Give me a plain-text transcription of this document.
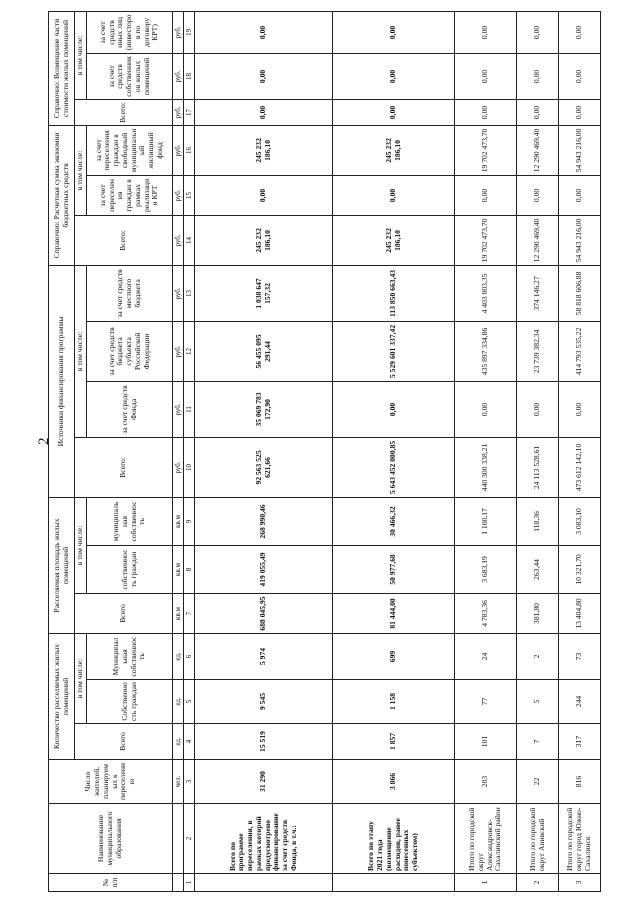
2
№ п/п	Наименование муниципального образования	Число жителей, планируемых к переселению	Количество расселяемых жилых помещений			Расселяемая площадь жилых помещений			Источники финансирования программы				Справочно: Расчетная сумма экономии бюджетных средств			Справочно: Возмещение части стоимости жилых помещений		
			Всего	в том числе:		Всего	в том числе:		Всего:	в том числе:			Всего:	в том числе:		Всего:	в том числе:	
				Собственность граждан	Муниципальная собственность		собственность граждан	муниципальная собственность		за счет средств Фонда	за счет средств бюджета субъекта Российской Федерации	за счет средств местного бюджета		за счет переселения граждан в рамках реализации КРТ	за счет переселения граждан в свободный муниципальный жилищный фонд		за счет средств собственников жилых помещений	за счет средств иных лиц (инвесторов по договору КРТ)
		чел.	ед.	ед.	ед.	кв.м	кв.м	кв.м	руб.	руб.	руб.	руб.	руб.	руб.	руб.	руб.	руб.	руб.
1	2	3	4	5	6	7	8	9	10	11	12	13	14	15	16	17	18	19
	Всего по программе переселения, в рамках которой предусмотрено финансирование за счет средств Фонда, в т.ч.:	31 290	15 519	9 545	5 974	688 045,95	419 055,49	268 990,46	92 563 525 621,66	35 069 783 172,90	56 455 095 291,44	1 038 647 157,32	245 232 186,10	0,00	245 232 186,10	0,00	0,00	0,00
	Всего по этапу 2021 года (возмещение расходов, ранее понесенных субъектом)	3 866	1 857	1 158	699	81 444,00	50 977,68	30 466,32	5 643 452 000,85	0,00	5 529 601 337,42	113 850 663,43	245 232 186,10	0,00	245 232 186,10	0,00	0,00	0,00
1	Итого по городской округ Александровск-Сахалинский район	203	101	77	24	4 783,36	3 683,19	1 100,17	440 300 338,21	0,00	435 897 334,86	4 403 003,35	19 702 473,70	0,00	19 702 473,70	0,00	0,00	0,00
2	Итого по городской округ Анивский	22	7	5	2	381,80	263,44	118,36	24 113 528,61	0,00	23 739 382,34	374 146,27	12 290 469,40	0,00	12 290 469,40	0,00	0,00	0,00
3	Итого по городской округ город Южно-Сахалинск	816	317	244	73	13 404,80	10 321,70	3 083,10	473 612 142,10	0,00	414 793 535,22	58 818 606,88	54 943 216,00	0,00	54 943 216,00	0,00	0,00	0,00
